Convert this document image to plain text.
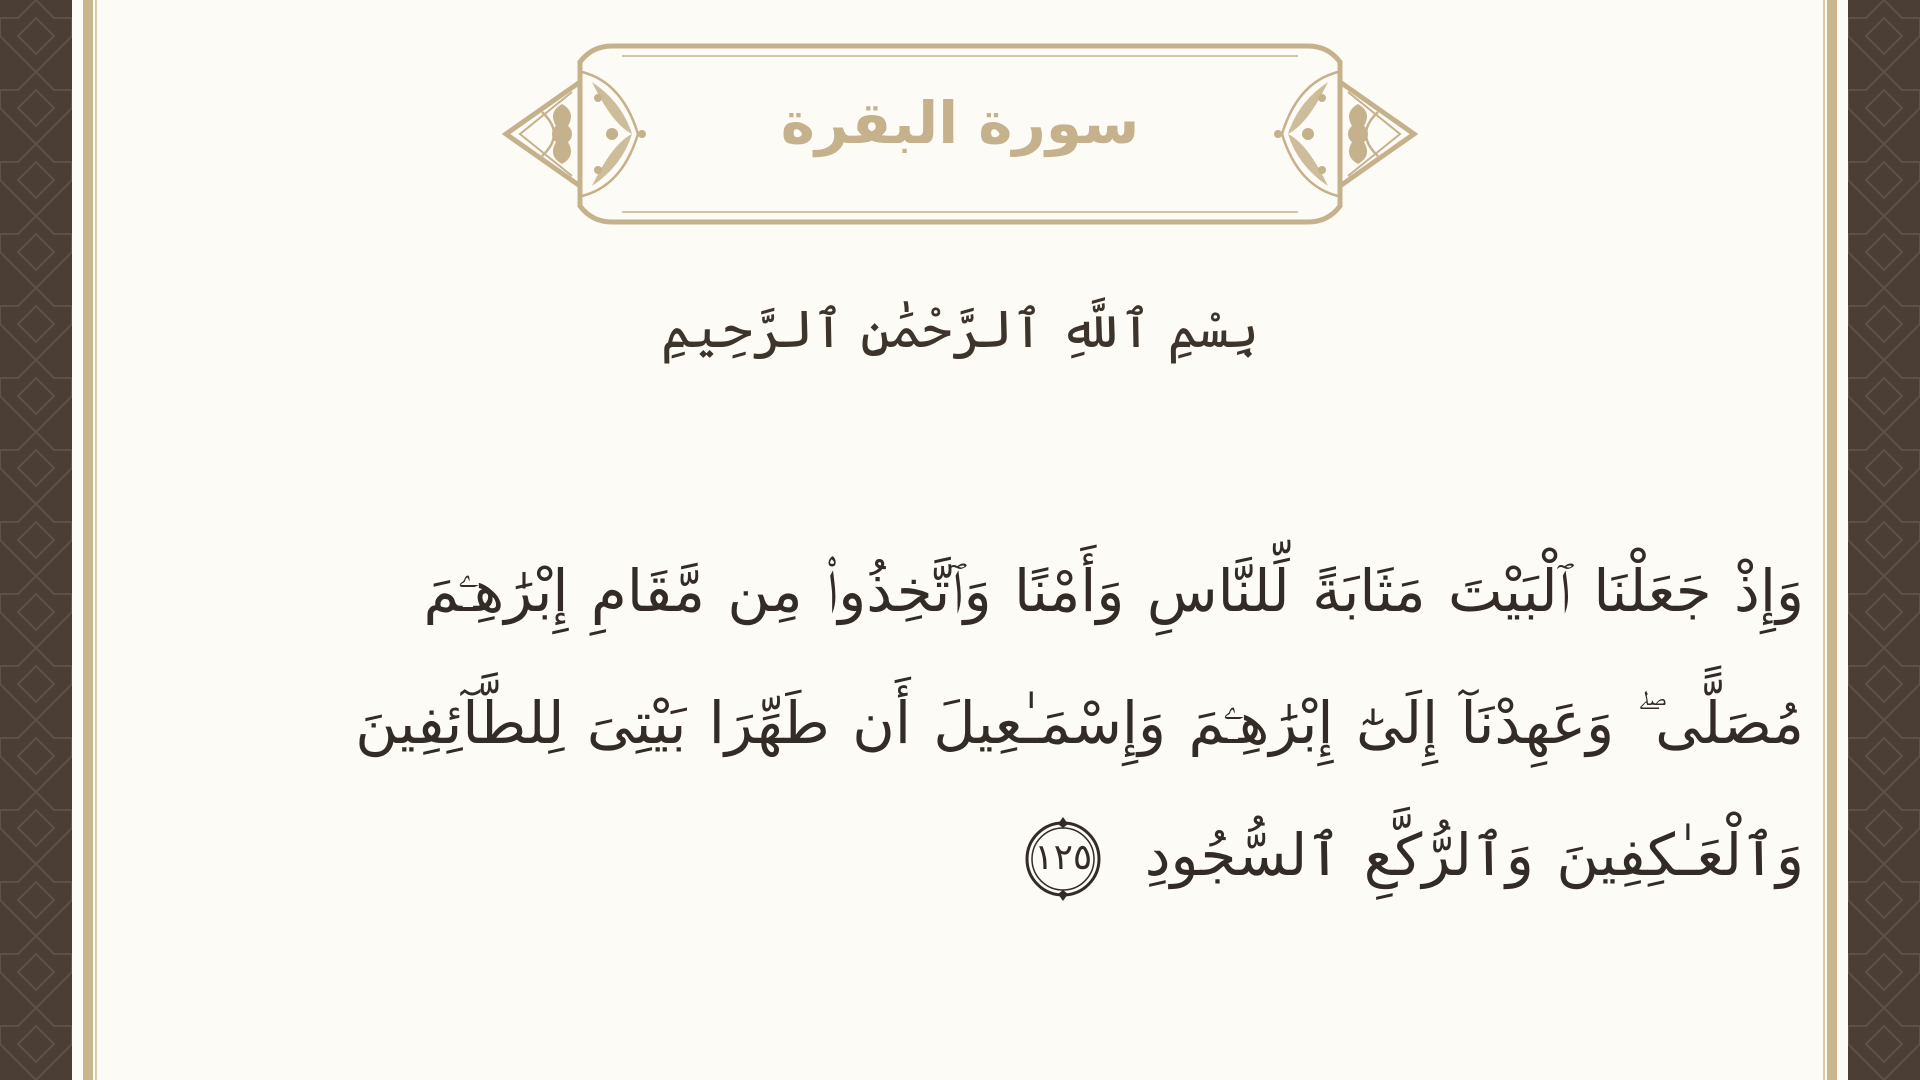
سورة البقرة
بِسْمِ ٱللَّهِ ٱلرَّحْمَٰنِ ٱلرَّحِيمِ
وَإِذْ جَعَلْنَا ٱلْبَيْتَ مَثَابَةً لِّلنَّاسِ وَأَمْنًا وَٱتَّخِذُوا۟ مِن مَّقَامِ إِبْرَٰهِـۧمَ
مُصَلًّى ۖ وَعَهِدْنَآ إِلَىٰٓ إِبْرَٰهِـۧمَ وَإِسْمَـٰعِيلَ أَن طَهِّرَا بَيْتِىَ لِلطَّآئِفِينَ
وَٱلْعَـٰكِفِينَ وَٱلرُّكَّعِ ٱلسُّجُودِ
١٢٥
